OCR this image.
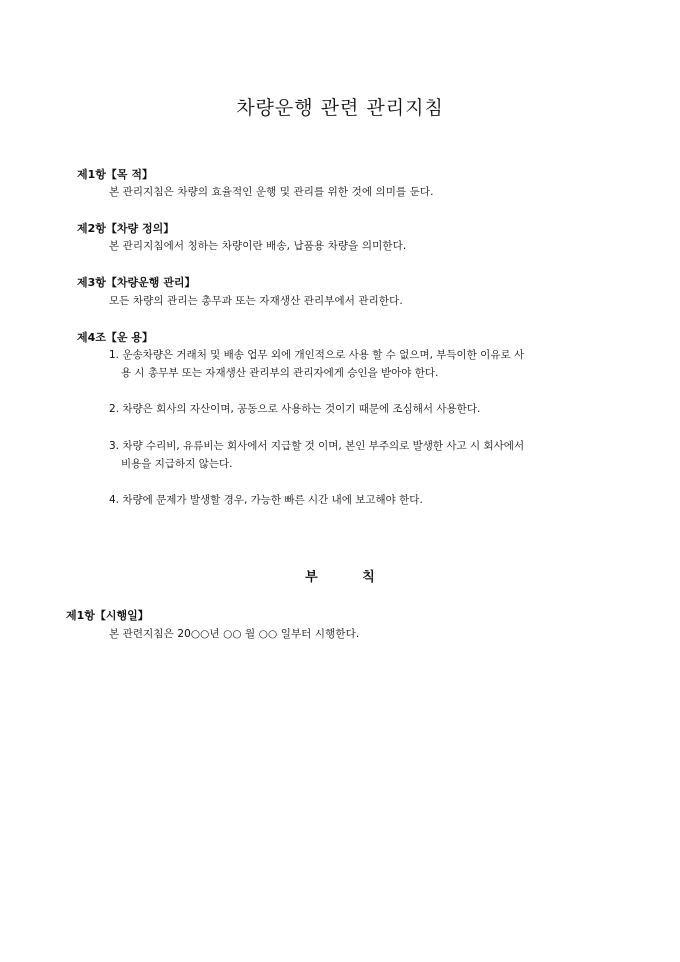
차량운행 관련 관리지침
제1항【목 적】
본 관리지침은 차량의 효율적인 운행 및 관리를 위한 것에 의미를 둔다.
제2항【차량 정의】
본 관리지침에서 칭하는 차량이란 배송, 납품용 차량을 의미한다.
제3항【차량운행 관리】
모든 차량의 관리는 총무과 또는 자재생산 관리부에서 관리한다.
제4조【운 용】
1. 운송차량은 거래처 및 배송 업무 외에 개인적으로 사용 할 수 없으며, 부득이한 이유로 사
용 시 총무부 또는 자재생산 관리부의 관리자에게 승인을 받아야 한다.
2. 차량은 회사의 자산이며, 공동으로 사용하는 것이기 때문에 조심해서 사용한다.
3. 차량 수리비, 유류비는 회사에서 지급할 것 이며, 본인 부주의로 발생한 사고 시 회사에서
비용을 지급하지 않는다.
4. 차량에 문제가 발생할 경우, 가능한 빠른 시간 내에 보고해야 한다.
부 칙
제1항【시행일】
본 관련지침은 20○○년 ○○ 월 ○○ 일부터 시행한다.
